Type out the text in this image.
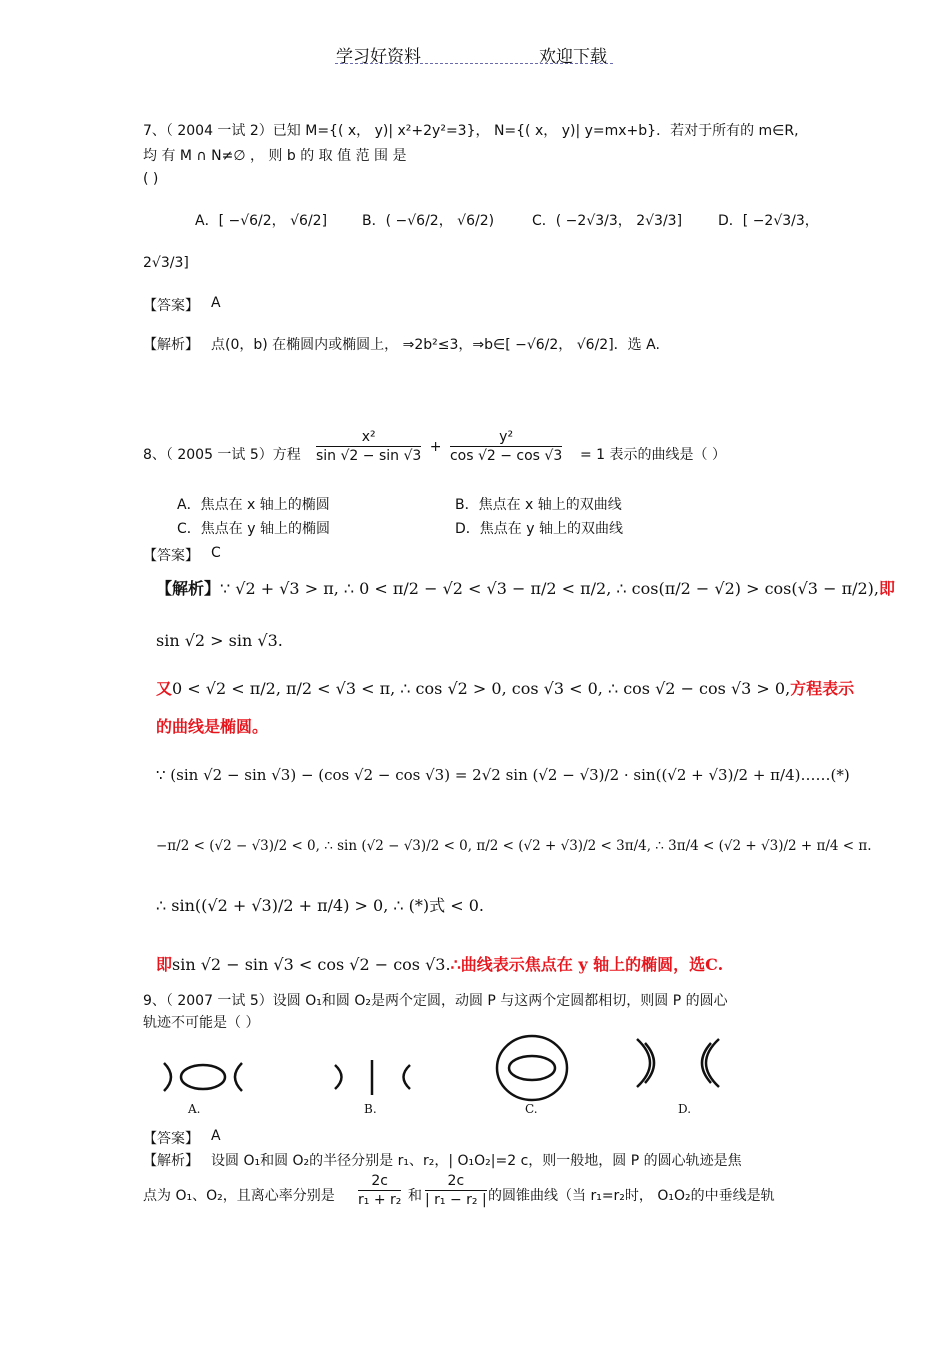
学习好资料	欢迎下载
7、（ 2004 一试 2）已知 M={( x， y)| x²+2y²=3}， N={( x， y)| y=mx+b}．若对于所有的 m∈R,
均 有 M ∩ N≠∅ ， 则 b 的 取 值 范 围 是
( )
A．[ −√6/2， √6/2] B．( −√6/2， √6/2)	C．( −2√3/3， 2√3/3]	D．[ −2√3/3，
2√3/3]
【答案】 A
【解析】 点(0，b) 在椭圆内或椭圆上， ⇒2b²≤3，⇒b∈[ −√6/2， √6/2]．选 A.
8、（ 2005 一试 5）方程 $\frac{\text{x²}}{\sin √2 - \sin √3} + \frac{\text{y²}}{\cos √2 - \cos √3} = 1$ 表示的曲线是（ ）
A．焦点在 x 轴上的椭圆	B．焦点在 x 轴上的双曲线
C．焦点在 y 轴上的椭圆	D．焦点在 y 轴上的双曲线
【答案】 C
【解析】∵ √2 + √3 > π, ∴ 0 < π/2 − √2 < √3 − π/2 < π/2, ∴ cos(π/2 − √2) > cos(√3 − π/2),即
sin √2 > sin √3.
又0 < √2 < π/2, π/2 < √3 < π, ∴ cos √2 > 0, cos √3 < 0, ∴ cos √2 − cos √3 > 0,方程表示
的曲线是椭圆。
∵ (sin √2 − sin √3) − (cos √2 − cos √3) = 2√2 sin (√2 − √3)/2 · sin((√2 + √3)/2 + π/4)……(*)
−π/2 < (√2 − √3)/2 < 0, ∴ sin (√2 − √3)/2 < 0, π/2 < (√2 + √3)/2 < 3π/4, ∴ 3π/4 < (√2 + √3)/2 + π/4 < π.
∴ sin((√2 + √3)/2 + π/4) > 0, ∴ (*)式 < 0.
即sin √2 − sin √3 < cos √2 − cos √3.∴曲线表示焦点在 y 轴上的椭圆，选C.
9、（ 2007 一试 5）设圆 O₁和圆 O₂是两个定圆，动圆 P 与这两个定圆都相切，则圆 P 的圆心
轨迹不可能是（ ）
A.	B.	C.	D.
【答案】 A
【解析】 设圆 O₁和圆 O₂的半径分别是 r₁、r₂，| O₁O₂|=2 c，则一般地，圆 P 的圆心轨迹是焦
点为 O₁、O₂，且离心率分别是 $\frac{2c}{\text{r₁ + r₂}}$ 和 $\frac{2c}{\text{| r₁ − r₂ |}}$ 的圆锥曲线（当 r₁=r₂时， O₁O₂的中垂线是轨
